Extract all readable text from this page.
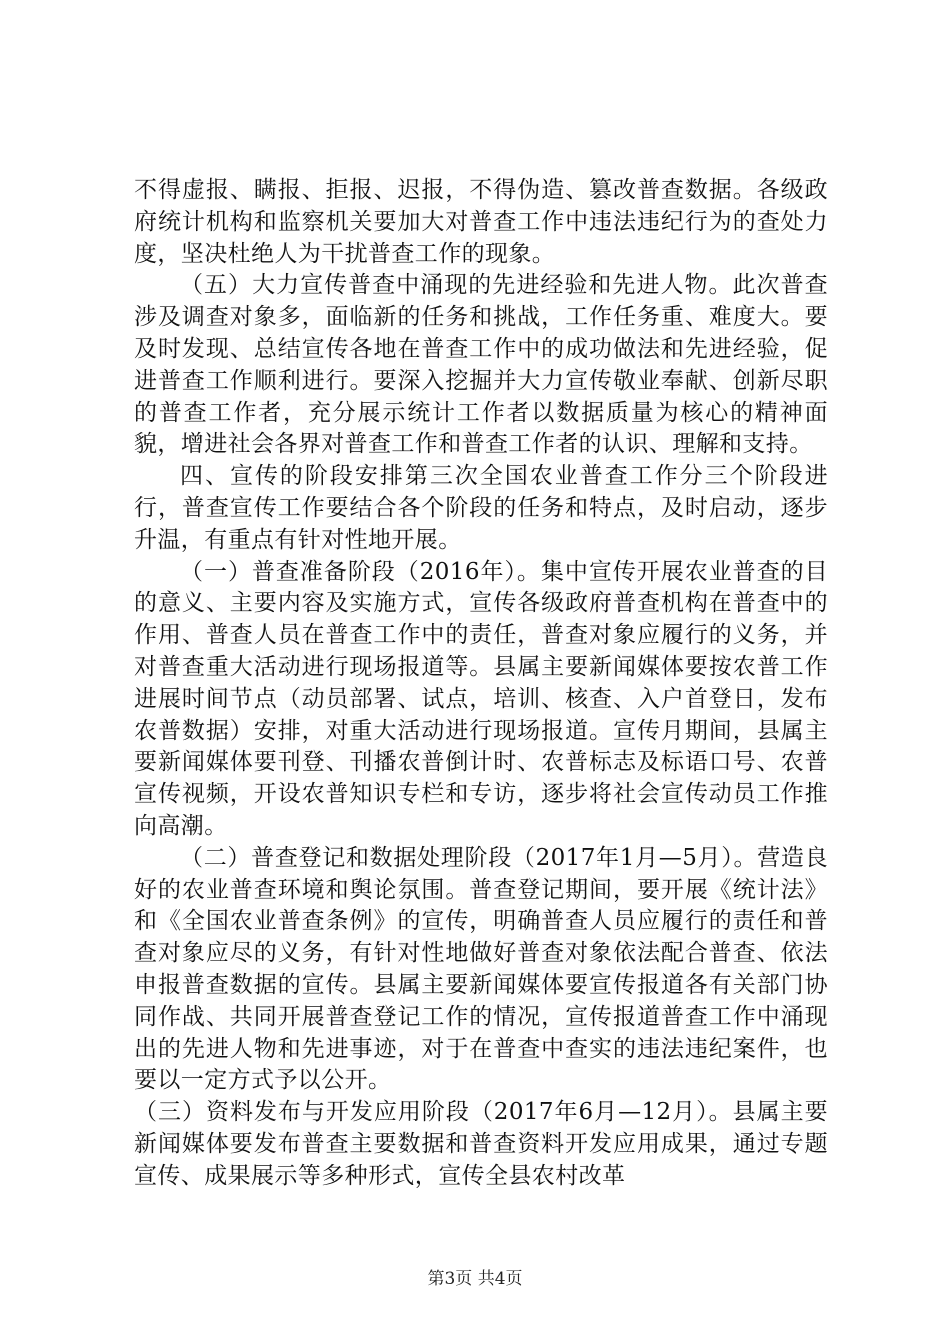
不得虚报、瞒报、拒报、迟报，不得伪造、篡改普查数据。各级政府统计机构和监察机关要加大对普查工作中违法违纪行为的查处力度，坚决杜绝人为干扰普查工作的现象。

（五）大力宣传普查中涌现的先进经验和先进人物。此次普查涉及调查对象多，面临新的任务和挑战，工作任务重、难度大。要及时发现、总结宣传各地在普查工作中的成功做法和先进经验，促进普查工作顺利进行。要深入挖掘并大力宣传敬业奉献、创新尽职的普查工作者，充分展示统计工作者以数据质量为核心的精神面貌，增进社会各界对普查工作和普查工作者的认识、理解和支持。

四、宣传的阶段安排第三次全国农业普查工作分三个阶段进行，普查宣传工作要结合各个阶段的任务和特点，及时启动，逐步升温，有重点有针对性地开展。

（一）普查准备阶段（2016年）。集中宣传开展农业普查的目的意义、主要内容及实施方式，宣传各级政府普查机构在普查中的作用、普查人员在普查工作中的责任，普查对象应履行的义务，并对普查重大活动进行现场报道等。县属主要新闻媒体要按农普工作进展时间节点（动员部署、试点，培训、核查、入户首登日，发布农普数据）安排，对重大活动进行现场报道。宣传月期间，县属主要新闻媒体要刊登、刊播农普倒计时、农普标志及标语口号、农普宣传视频，开设农普知识专栏和专访，逐步将社会宣传动员工作推向高潮。

（二）普查登记和数据处理阶段（2017年1月—5月）。营造良好的农业普查环境和舆论氛围。普查登记期间，要开展《统计法》和《全国农业普查条例》的宣传，明确普查人员应履行的责任和普查对象应尽的义务，有针对性地做好普查对象依法配合普查、依法申报普查数据的宣传。县属主要新闻媒体要宣传报道各有关部门协同作战、共同开展普查登记工作的情况，宣传报道普查工作中涌现出的先进人物和先进事迹，对于在普查中查实的违法违纪案件，也要以一定方式予以公开。

（三）资料发布与开发应用阶段（2017年6月—12月）。县属主要新闻媒体要发布普查主要数据和普查资料开发应用成果，通过专题宣传、成果展示等多种形式，宣传全县农村改革

第3页 共4页
